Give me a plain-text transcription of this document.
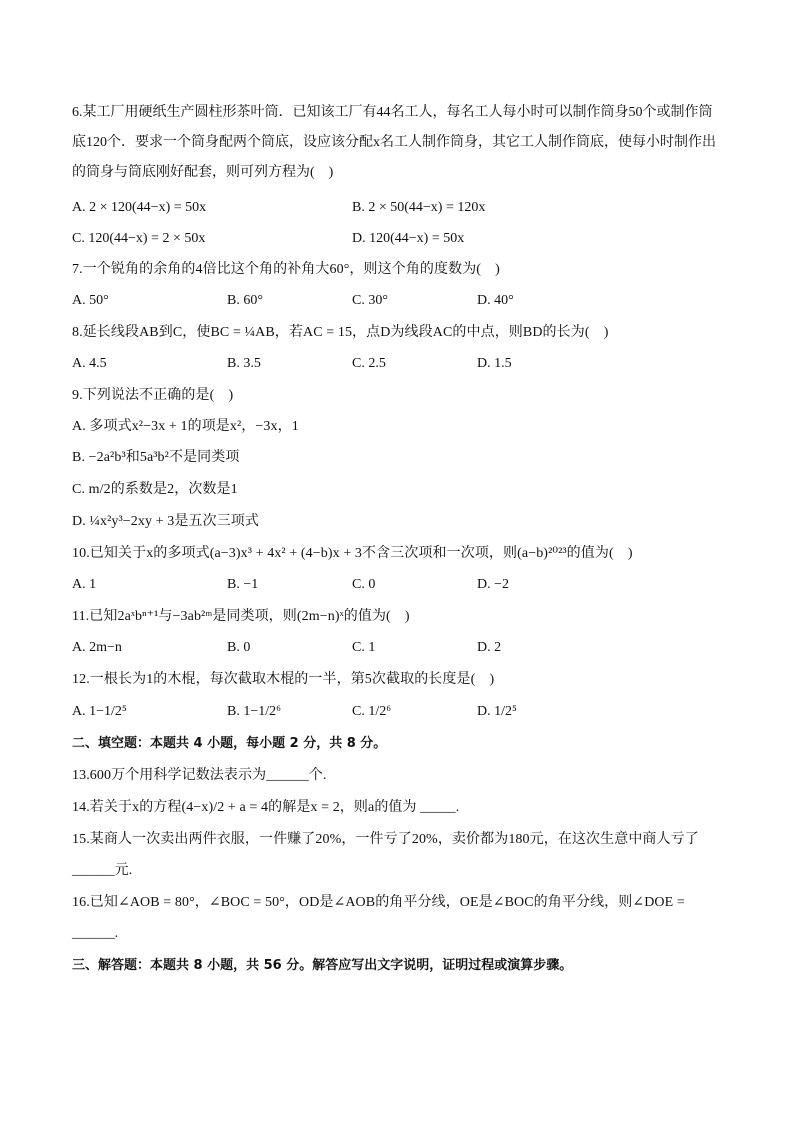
6.某工厂用硬纸生产圆柱形茶叶筒．已知该工厂有44名工人，每名工人每小时可以制作筒身50个或制作筒

底120个．要求一个筒身配两个筒底，设应该分配x名工人制作筒身，其它工人制作筒底，使每小时制作出

的筒身与筒底刚好配套，则可列方程为(　)

A. 2 × 120(44−x) = 50x	B. 2 × 50(44−x) = 120x
C. 120(44−x) = 2 × 50x	D. 120(44−x) = 50x

7.一个锐角的余角的4倍比这个角的补角大60°，则这个角的度数为(　)

A. 50°	B. 60°	C. 30°	D. 40°

8.延长线段AB到C，使BC = ¼AB，若AC = 15，点D为线段AC的中点，则BD的长为(　)

A. 4.5	B. 3.5	C. 2.5	D. 1.5

9.下列说法不正确的是(　)

A. 多项式x²−3x + 1的项是x²，−3x，1

B. −2a²b³和5a³b²不是同类项

C. m/2的系数是2，次数是1

D. ¼x²y³−2xy + 3是五次三项式

10.已知关于x的多项式(a−3)x³ + 4x² + (4−b)x + 3不含三次项和一次项，则(a−b)²⁰²³的值为(　)

A. 1	B. −1	C. 0	D. −2

11.已知2aˣbⁿ⁺¹与−3ab²ᵐ是同类项，则(2m−n)ˣ的值为(　)

A. 2m−n	B. 0	C. 1	D. 2

12.一根长为1的木棍，每次截取木棍的一半，第5次截取的长度是(　)

A. 1−1/2⁵	B. 1−1/2⁶	C. 1/2⁶	D. 1/2⁵

二、填空题：本题共 4 小题，每小题 2 分，共 8 分。

13.600万个用科学记数法表示为______个.

14.若关于x的方程(4−x)/2 + a = 4的解是x = 2，则a的值为 _____.

15.某商人一次卖出两件衣服，一件赚了20%，一件亏了20%，卖价都为180元，在这次生意中商人亏了

______元.

16.已知∠AOB = 80°，∠BOC = 50°，OD是∠AOB的角平分线，OE是∠BOC的角平分线，则∠DOE =

______.

三、解答题：本题共 8 小题，共 56 分。解答应写出文字说明，证明过程或演算步骤。
